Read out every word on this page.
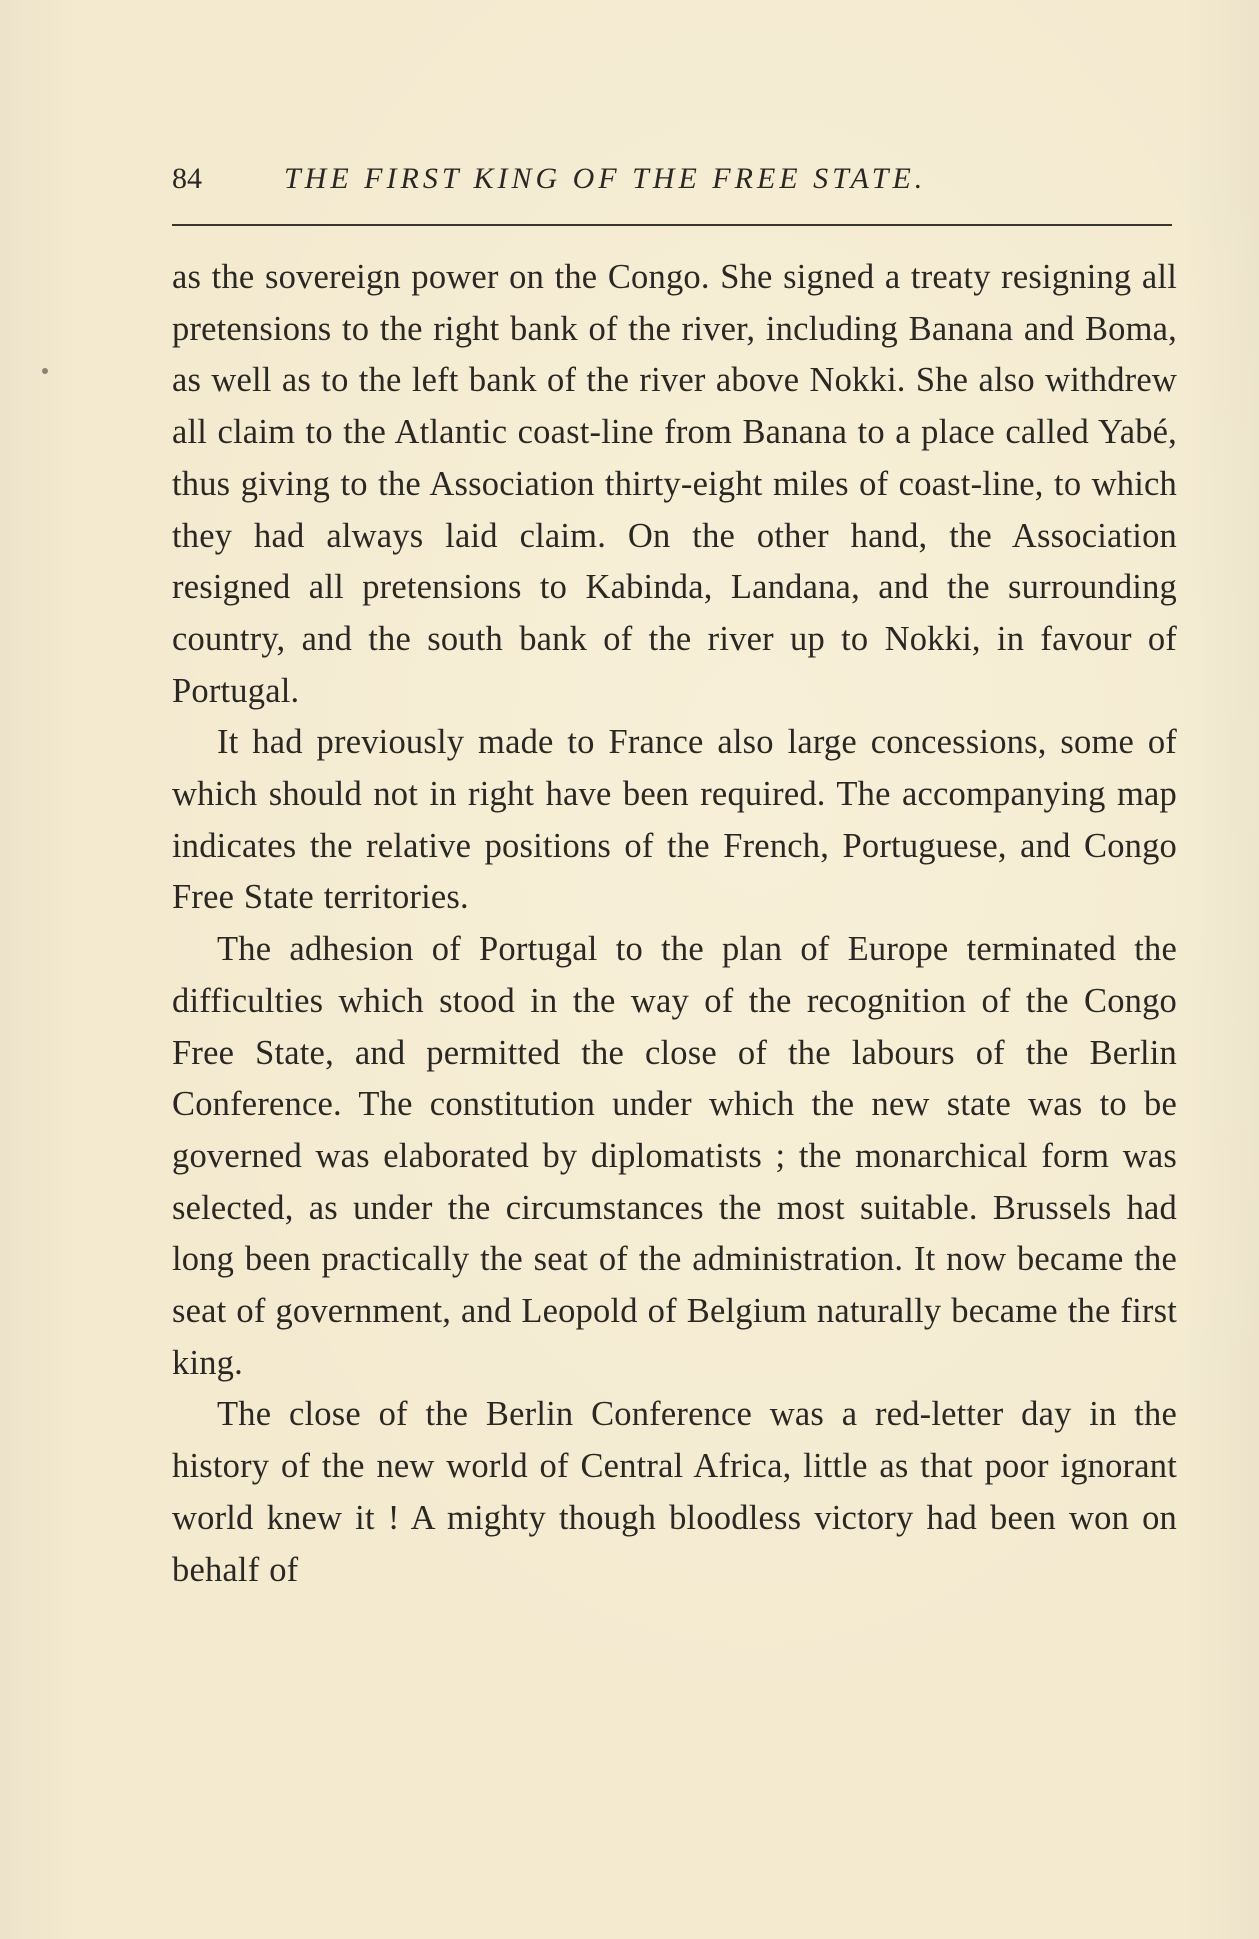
84	THE FIRST KING OF THE FREE STATE.

as the sovereign power on the Congo. She signed a treaty resigning all pretensions to the right bank of the river, including Banana and Boma, as well as to the left bank of the river above Nokki. She also withdrew all claim to the Atlantic coast-line from Banana to a place called Yabé, thus giving to the Association thirty-eight miles of coast-line, to which they had always laid claim. On the other hand, the Association resigned all pretensions to Kabinda, Landana, and the surrounding country, and the south bank of the river up to Nokki, in favour of Portugal.

It had previously made to France also large concessions, some of which should not in right have been required. The accompanying map indicates the relative positions of the French, Portuguese, and Congo Free State territories.

The adhesion of Portugal to the plan of Europe terminated the difficulties which stood in the way of the recognition of the Congo Free State, and permitted the close of the labours of the Berlin Conference. The constitution under which the new state was to be governed was elaborated by diplomatists ; the monarchical form was selected, as under the circumstances the most suitable. Brussels had long been practically the seat of the administration. It now became the seat of government, and Leopold of Belgium naturally became the first king.

The close of the Berlin Conference was a red-letter day in the history of the new world of Central Africa, little as that poor ignorant world knew it ! A mighty though bloodless victory had been won on behalf of
